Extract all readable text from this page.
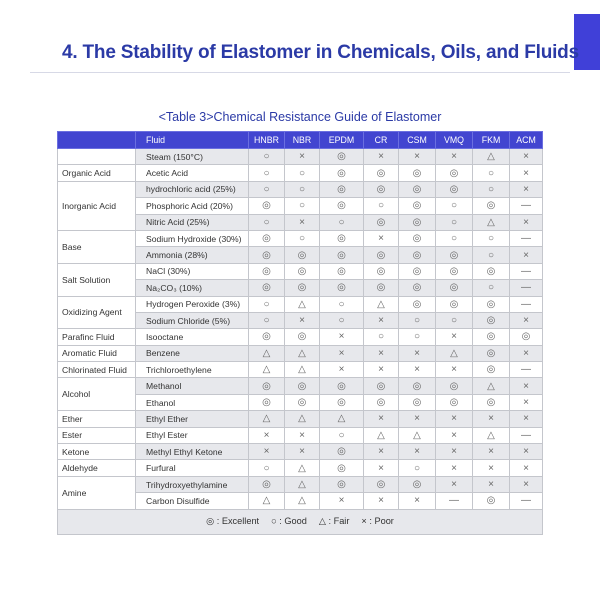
4. The Stability of Elastomer in Chemicals, Oils, and Fluids
<Table 3>Chemical Resistance Guide of Elastomer
	Fluid	HNBR	NBR	EPDM	CR	CSM	VMQ	FKM	ACM
	Steam (150°C)	○	×	◎	×	×	×	△	×
Organic Acid	Acetic Acid	○	○	◎	◎	◎	◎	○	×
Inorganic Acid	hydrochloric acid (25%)	○	○	◎	◎	◎	◎	○	×
	Phosphoric Acid (20%)	◎	○	◎	○	◎	○	◎	—
	Nitric Acid (25%)	○	×	○	◎	◎	○	△	×
Base	Sodium Hydroxide (30%)	◎	○	◎	×	◎	○	○	—
	Ammonia (28%)	◎	◎	◎	◎	◎	◎	○	×
Salt Solution	NaCl (30%)	◎	◎	◎	◎	◎	◎	◎	—
	Na₂CO₃ (10%)	◎	◎	◎	◎	◎	◎	○	—
Oxidizing Agent	Hydrogen Peroxide (3%)	○	△	○	△	◎	◎	◎	—
	Sodium Chloride (5%)	○	×	○	×	○	○	◎	×
Parafinc Fluid	Isooctane	◎	◎	×	○	○	×	◎	◎
Aromatic Fluid	Benzene	△	△	×	×	×	△	◎	×
Chlorinated Fluid	Trichloroethylene	△	△	×	×	×	×	◎	—
Alcohol	Methanol	◎	◎	◎	◎	◎	◎	△	×
	Ethanol	◎	◎	◎	◎	◎	◎	◎	×
Ether	Ethyl Ether	△	△	△	×	×	×	×	×
Ester	Ethyl Ester	×	×	○	△	△	×	△	—
Ketone	Methyl Ethyl Ketone	×	×	◎	×	×	×	×	×
Aldehyde	Furfural	○	△	◎	×	○	×	×	×
Amine	Trihydroxyethylamine	◎	△	◎	◎	◎	×	×	×
	Carbon Disulfide	△	△	×	×	×	—	◎	—
◎ : Excellent ○ : Good △ : Fair × : Poor									
